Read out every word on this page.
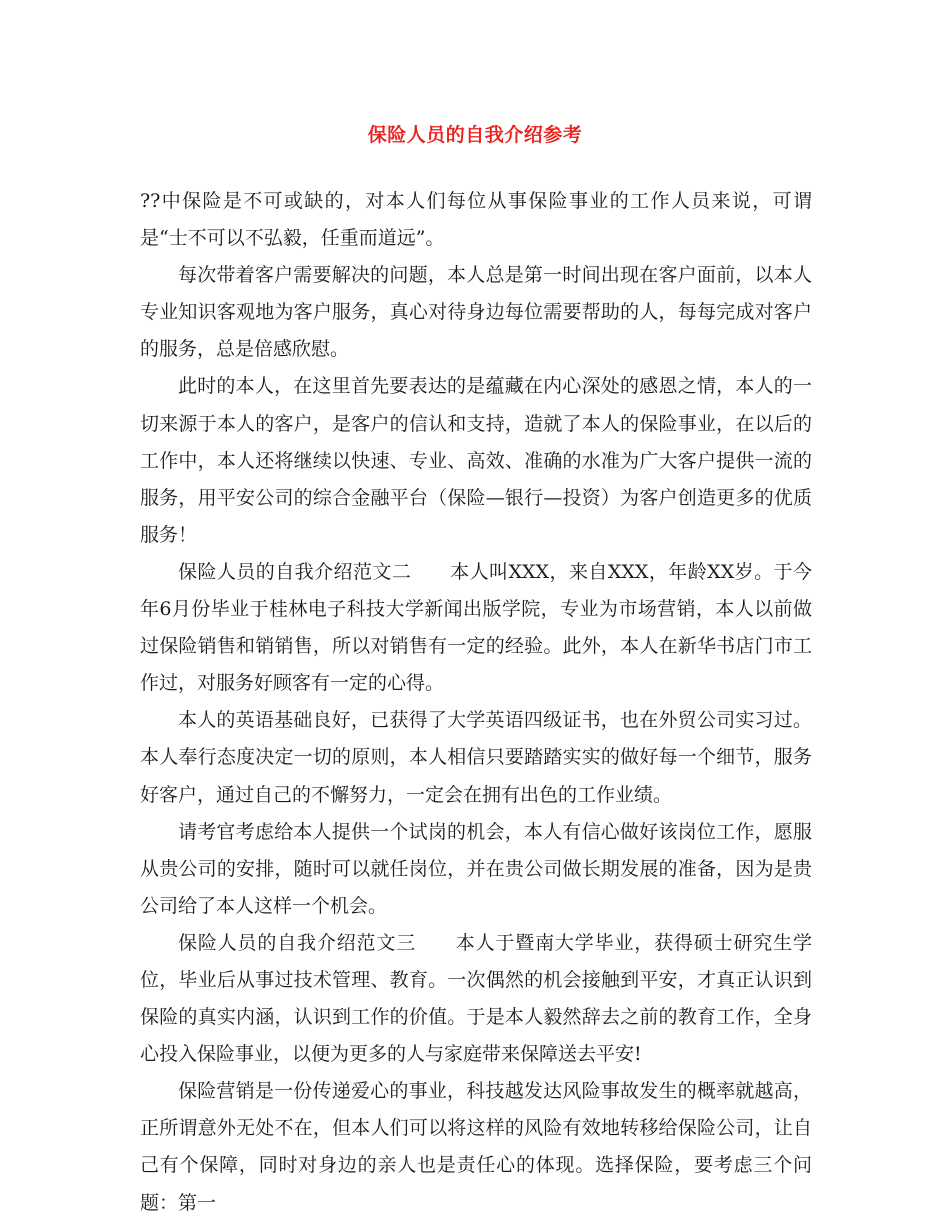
保险人员的自我介绍参考

??中保险是不可或缺的，对本人们每位从事保险事业的工作人员来说，可谓是“士不可以不弘毅，任重而道远”。

每次带着客户需要解决的问题，本人总是第一时间出现在客户面前，以本人专业知识客观地为客户服务，真心对待身边每位需要帮助的人，每每完成对客户的服务，总是倍感欣慰。

此时的本人，在这里首先要表达的是蕴藏在内心深处的感恩之情，本人的一切来源于本人的客户，是客户的信认和支持，造就了本人的保险事业，在以后的工作中，本人还将继续以快速、专业、高效、准确的水准为广大客户提供一流的服务，用平安公司的综合金融平台（保险—银行—投资）为客户创造更多的优质服务！

保险人员的自我介绍范文二　　本人叫XXX，来自XXX，年龄XX岁。于今年6月份毕业于桂林电子科技大学新闻出版学院，专业为市场营销，本人以前做过保险销售和销销售，所以对销售有一定的经验。此外，本人在新华书店门市工作过，对服务好顾客有一定的心得。

本人的英语基础良好，已获得了大学英语四级证书，也在外贸公司实习过。本人奉行态度决定一切的原则，本人相信只要踏踏实实的做好每一个细节，服务好客户，通过自己的不懈努力，一定会在拥有出色的工作业绩。

请考官考虑给本人提供一个试岗的机会，本人有信心做好该岗位工作，愿服从贵公司的安排，随时可以就任岗位，并在贵公司做长期发展的准备，因为是贵公司给了本人这样一个机会。

保险人员的自我介绍范文三　　本人于暨南大学毕业，获得硕士研究生学位，毕业后从事过技术管理、教育。一次偶然的机会接触到平安，才真正认识到保险的真实内涵，认识到工作的价值。于是本人毅然辞去之前的教育工作，全身心投入保险事业，以便为更多的人与家庭带来保障送去平安!

保险营销是一份传递爱心的事业，科技越发达风险事故发生的概率就越高，正所谓意外无处不在，但本人们可以将这样的风险有效地转移给保险公司，让自己有个保障，同时对身边的亲人也是责任心的体现。选择保险，要考虑三个问题：第一
